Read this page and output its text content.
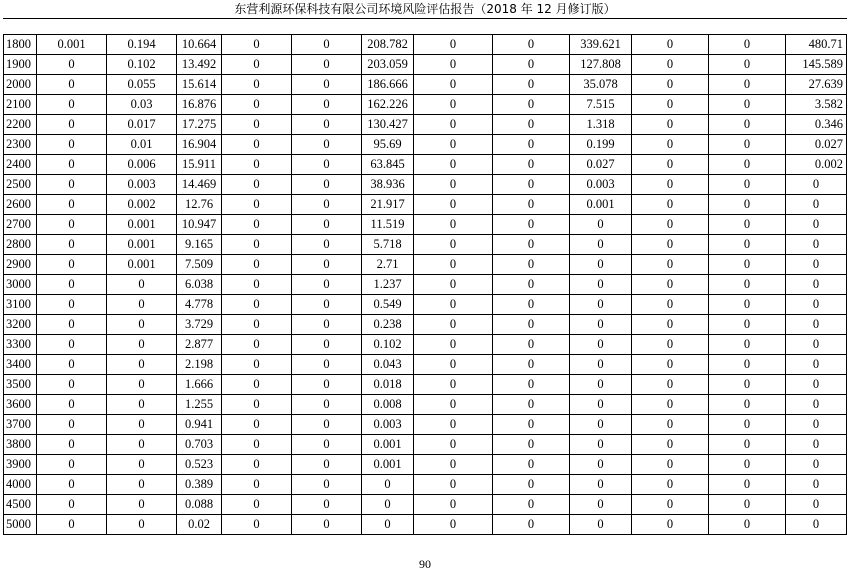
东营利源环保科技有限公司环境风险评估报告（2018 年 12 月修订版）
1800	0.001	0.194	10.664	0	0	208.782	0	0	339.621	0	0	480.71
1900	0	0.102	13.492	0	0	203.059	0	0	127.808	0	0	145.589
2000	0	0.055	15.614	0	0	186.666	0	0	35.078	0	0	27.639
2100	0	0.03	16.876	0	0	162.226	0	0	7.515	0	0	3.582
2200	0	0.017	17.275	0	0	130.427	0	0	1.318	0	0	0.346
2300	0	0.01	16.904	0	0	95.69	0	0	0.199	0	0	0.027
2400	0	0.006	15.911	0	0	63.845	0	0	0.027	0	0	0.002
2500	0	0.003	14.469	0	0	38.936	0	0	0.003	0	0	0
2600	0	0.002	12.76	0	0	21.917	0	0	0.001	0	0	0
2700	0	0.001	10.947	0	0	11.519	0	0	0	0	0	0
2800	0	0.001	9.165	0	0	5.718	0	0	0	0	0	0
2900	0	0.001	7.509	0	0	2.71	0	0	0	0	0	0
3000	0	0	6.038	0	0	1.237	0	0	0	0	0	0
3100	0	0	4.778	0	0	0.549	0	0	0	0	0	0
3200	0	0	3.729	0	0	0.238	0	0	0	0	0	0
3300	0	0	2.877	0	0	0.102	0	0	0	0	0	0
3400	0	0	2.198	0	0	0.043	0	0	0	0	0	0
3500	0	0	1.666	0	0	0.018	0	0	0	0	0	0
3600	0	0	1.255	0	0	0.008	0	0	0	0	0	0
3700	0	0	0.941	0	0	0.003	0	0	0	0	0	0
3800	0	0	0.703	0	0	0.001	0	0	0	0	0	0
3900	0	0	0.523	0	0	0.001	0	0	0	0	0	0
4000	0	0	0.389	0	0	0	0	0	0	0	0	0
4500	0	0	0.088	0	0	0	0	0	0	0	0	0
5000	0	0	0.02	0	0	0	0	0	0	0	0	0
90
